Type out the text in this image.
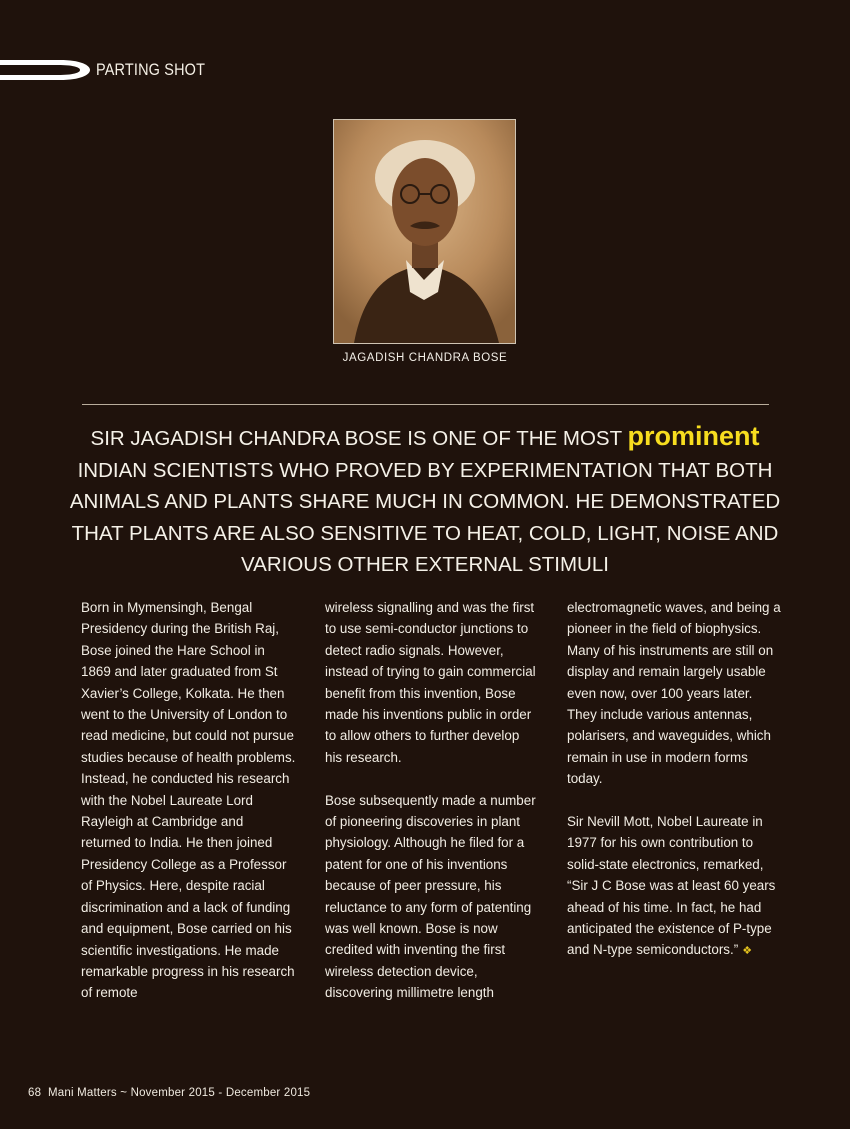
PARTING SHOT
JAGADISH CHANDRA BOSE

SIR JAGADISH CHANDRA BOSE IS ONE OF THE MOST prominent INDIAN SCIENTISTS WHO PROVED BY EXPERIMENTATION THAT BOTH ANIMALS AND PLANTS SHARE MUCH IN COMMON. HE DEMONSTRATED THAT PLANTS ARE ALSO SENSITIVE TO HEAT, COLD, LIGHT, NOISE AND VARIOUS OTHER EXTERNAL STIMULI

Born in Mymensingh, Bengal Presidency during the British Raj, Bose joined the Hare School in 1869 and later graduated from St Xavier’s College, Kolkata. He then went to the University of London to read medicine, but could not pursue studies because of health problems. Instead, he conducted his research with the Nobel Laureate Lord Rayleigh at Cambridge and returned to India. He then joined Presidency College as a Professor of Physics. Here, despite racial discrimination and a lack of funding and equipment, Bose carried on his scientific investigations. He made remarkable progress in his research of remote

wireless signalling and was the first to use semi-conductor junctions to detect radio signals. However, instead of trying to gain commercial benefit from this invention, Bose made his inventions public in order to allow others to further develop his research.

Bose subsequently made a number of pioneering discoveries in plant physiology. Although he filed for a patent for one of his inventions because of peer pressure, his reluctance to any form of patenting was well known. Bose is now credited with inventing the first wireless detection device, discovering millimetre length

electromagnetic waves, and being a pioneer in the field of biophysics. Many of his instruments are still on display and remain largely usable even now, over 100 years later. They include various antennas, polarisers, and waveguides, which remain in use in modern forms today.

Sir Nevill Mott, Nobel Laureate in 1977 for his own contribution to solid-state electronics, remarked, “Sir J C Bose was at least 60 years ahead of his time. In fact, he had anticipated the existence of P-type and N-type semiconductors.” ❖

68 Mani Matters ~ November 2015 - December 2015
